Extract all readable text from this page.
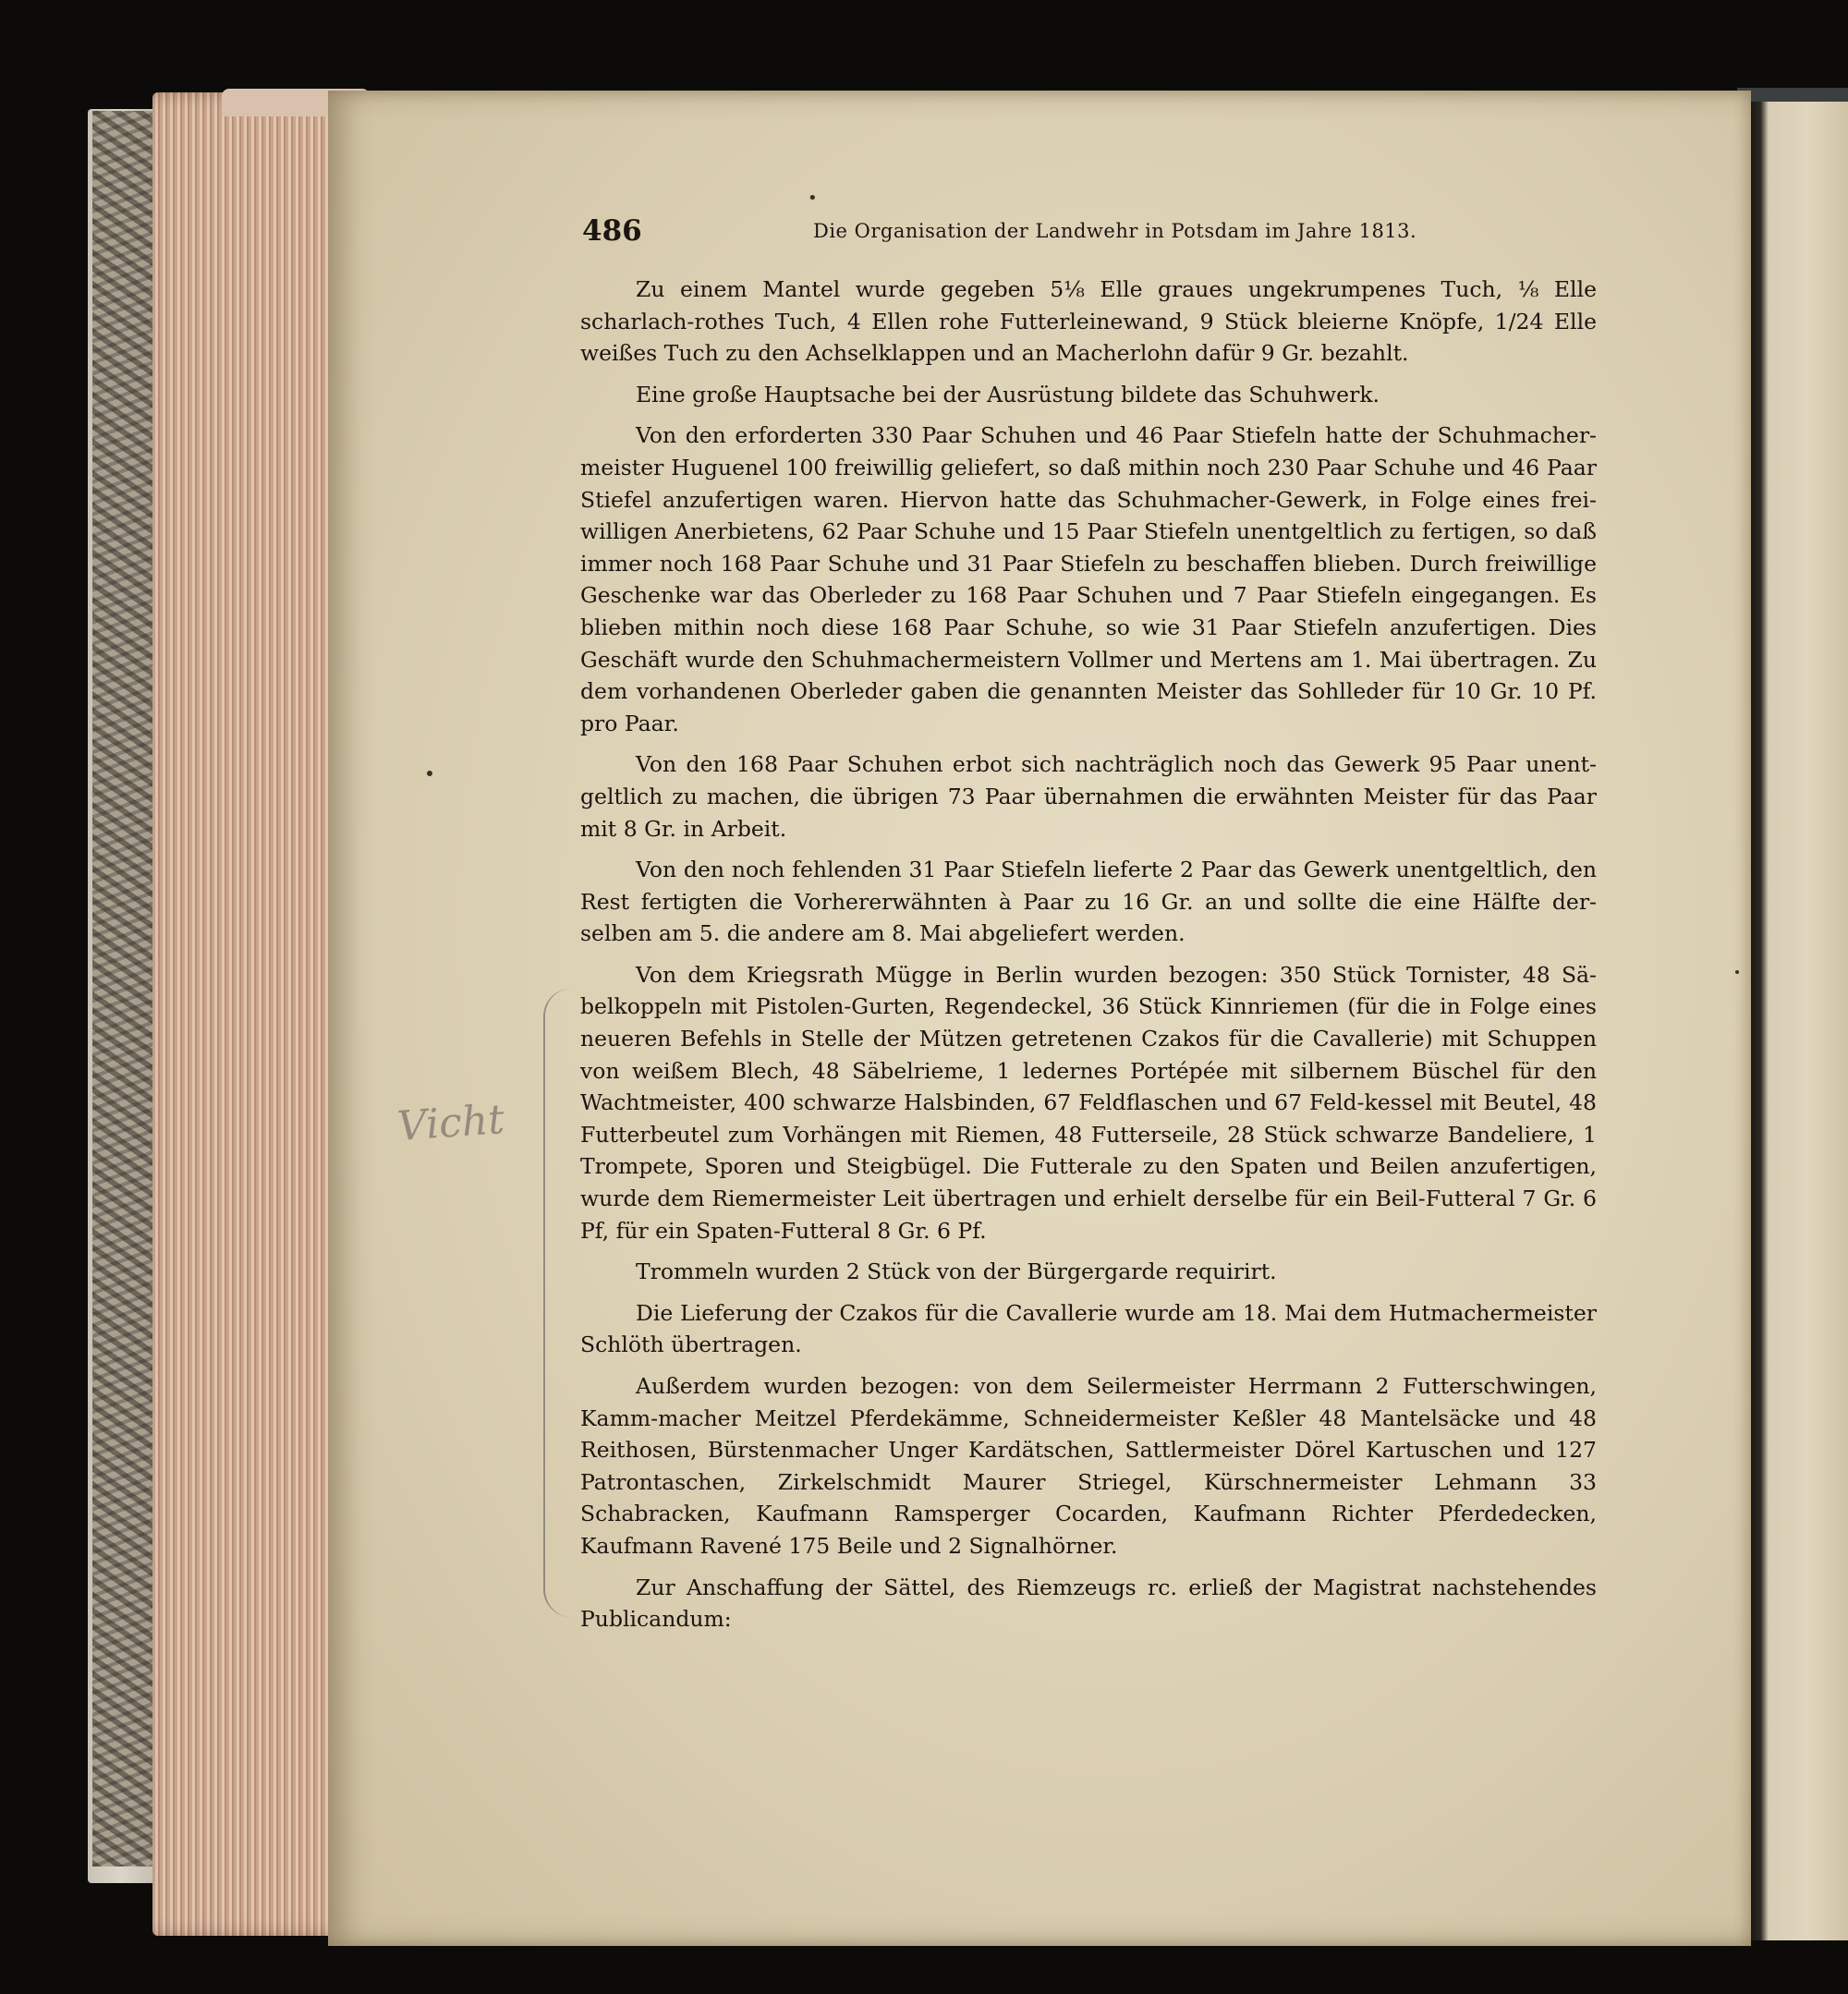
•
486	Die Organisation der Landwehr in Potsdam im Jahre 1813.

Zu einem Mantel wurde gegeben 5⅛ Elle graues ungekrumpenes Tuch, ⅛ Elle scharlach-rothes Tuch, 4 Ellen rohe Futterleinewand, 9 Stück bleierne Knöpfe, 1/24 Elle weißes Tuch zu den Achselklappen und an Macherlohn dafür 9 Gr. bezahlt.

Eine große Hauptsache bei der Ausrüstung bildete das Schuhwerk.

Von den erforderten 330 Paar Schuhen und 46 Paar Stiefeln hatte der Schuhmacher-meister Huguenel 100 freiwillig geliefert, so daß mithin noch 230 Paar Schuhe und 46 Paar Stiefel anzufertigen waren. Hiervon hatte das Schuhmacher-Gewerk, in Folge eines frei-willigen Anerbietens, 62 Paar Schuhe und 15 Paar Stiefeln unentgeltlich zu fertigen, so daß immer noch 168 Paar Schuhe und 31 Paar Stiefeln zu beschaffen blieben. Durch freiwillige Geschenke war das Oberleder zu 168 Paar Schuhen und 7 Paar Stiefeln eingegangen. Es blieben mithin noch diese 168 Paar Schuhe, so wie 31 Paar Stiefeln anzufertigen. Dies Geschäft wurde den Schuhmachermeistern Vollmer und Mertens am 1. Mai übertragen. Zu dem vorhandenen Oberleder gaben die genannten Meister das Sohlleder für 10 Gr. 10 Pf. pro Paar.

Von den 168 Paar Schuhen erbot sich nachträglich noch das Gewerk 95 Paar unent-geltlich zu machen, die übrigen 73 Paar übernahmen die erwähnten Meister für das Paar mit 8 Gr. in Arbeit.

Von den noch fehlenden 31 Paar Stiefeln lieferte 2 Paar das Gewerk unentgeltlich, den Rest fertigten die Vorhererwähnten à Paar zu 16 Gr. an und sollte die eine Hälfte der-selben am 5. die andere am 8. Mai abgeliefert werden.

Von dem Kriegsrath Mügge in Berlin wurden bezogen: 350 Stück Tornister, 48 Sä-belkoppeln mit Pistolen-Gurten, Regendeckel, 36 Stück Kinnriemen (für die in Folge eines neueren Befehls in Stelle der Mützen getretenen Czakos für die Cavallerie) mit Schuppen von weißem Blech, 48 Säbelrieme, 1 ledernes Portépée mit silbernem Büschel für den Wachtmeister, 400 schwarze Halsbinden, 67 Feldflaschen und 67 Feld-kessel mit Beutel, 48 Futterbeutel zum Vorhängen mit Riemen, 48 Futterseile, 28 Stück schwarze Bandeliere, 1 Trompete, Sporen und Steigbügel. Die Futterale zu den Spaten und Beilen anzufertigen, wurde dem Riemermeister Leit übertragen und erhielt derselbe für ein Beil-Futteral 7 Gr. 6 Pf, für ein Spaten-Futteral 8 Gr. 6 Pf.

Trommeln wurden 2 Stück von der Bürgergarde requirirt.

Die Lieferung der Czakos für die Cavallerie wurde am 18. Mai dem Hutmachermeister Schlöth übertragen.

Außerdem wurden bezogen: von dem Seilermeister Herrmann 2 Futterschwingen, Kamm-macher Meitzel Pferdekämme, Schneidermeister Keßler 48 Mantelsäcke und 48 Reithosen, Bürstenmacher Unger Kardätschen, Sattlermeister Dörel Kartuschen und 127 Patrontaschen, Zirkelschmidt Maurer Striegel, Kürschnermeister Lehmann 33 Schabracken, Kaufmann Ramsperger Cocarden, Kaufmann Richter Pferdedecken, Kaufmann Ravené 175 Beile und 2 Signalhörner.

Zur Anschaffung der Sättel, des Riemzeugs rc. erließ der Magistrat nachstehendes Publicandum:

Vicht
